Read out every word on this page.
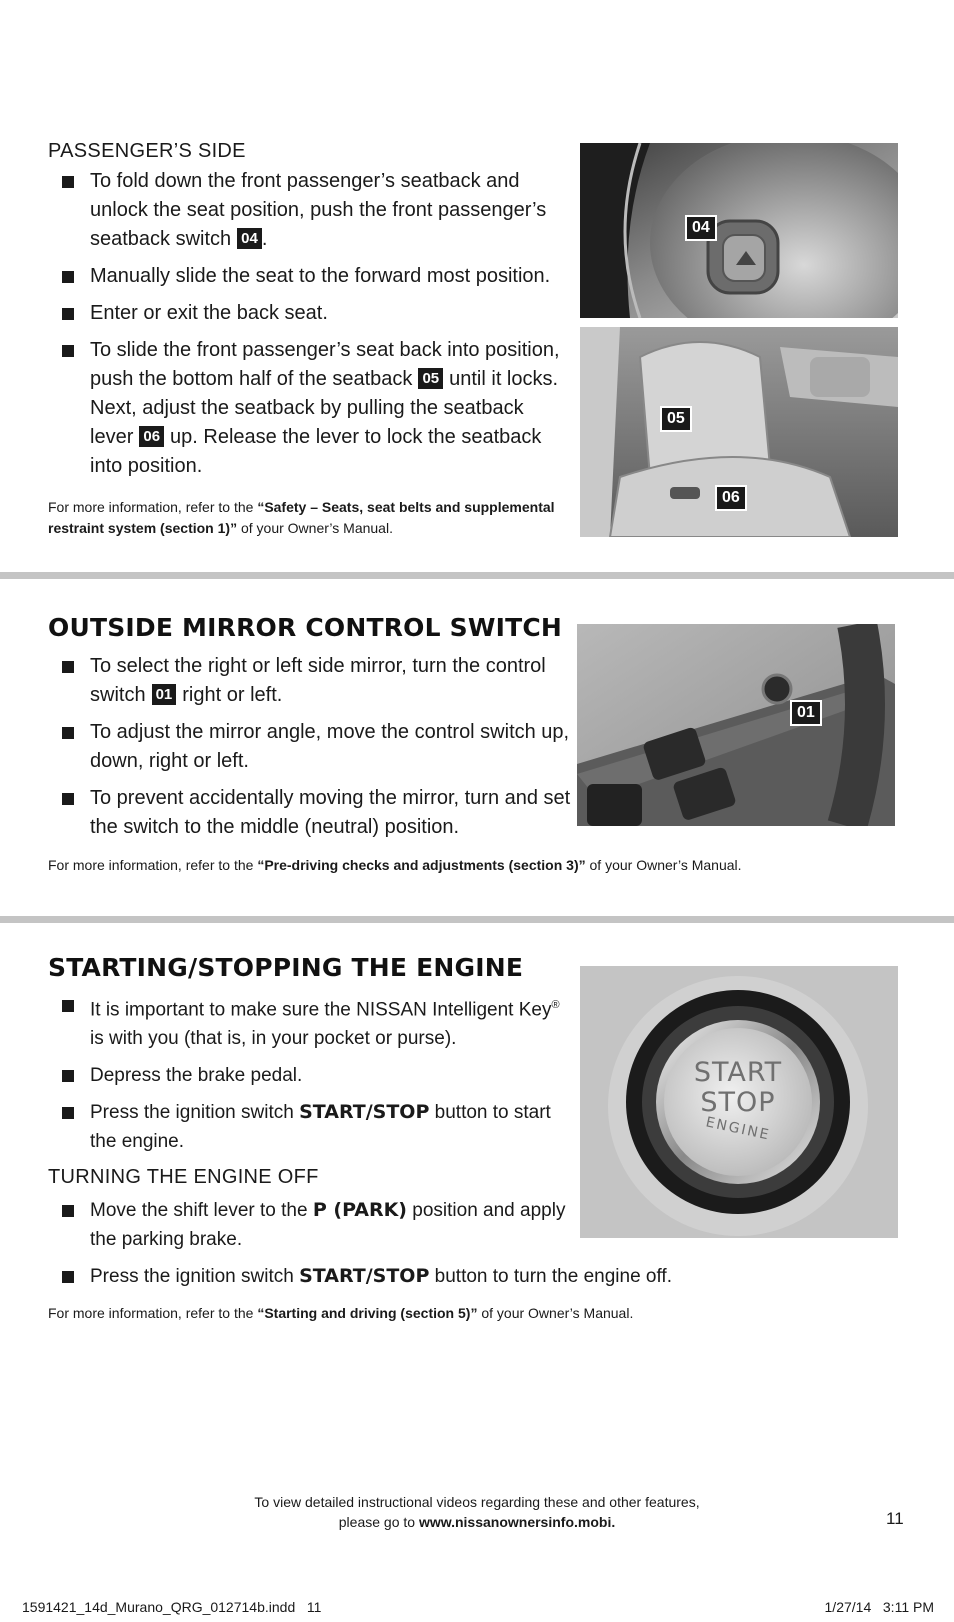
PASSENGER’S SIDE
To fold down the front passenger’s seatback and unlock the seat position, push the front passenger’s seatback switch 04 .
Manually slide the seat to the forward most position.
Enter or exit the back seat.
To slide the front passenger’s seat back into position, push the bottom half of the seatback 05 until it locks. Next, adjust the seatback by pulling the seatback lever 06 up. Release the lever to lock the seatback into position.
For more information, refer to the “Safety – Seats, seat belts and supplemental restraint system (section 1)” of your Owner’s Manual.
04
05
06
OUTSIDE MIRROR CONTROL SWITCH
To select the right or left side mirror, turn the control switch 01 right or left.
To adjust the mirror angle, move the control switch up, down, right or left.
To prevent accidentally moving the mirror, turn and set the switch to the middle (neutral) position.
For more information, refer to the “Pre-driving checks and adjustments (section 3)” of your Owner’s Manual.
01
STARTING/STOPPING THE ENGINE
It is important to make sure the NISSAN Intelligent Key® is with you (that is, in your pocket or purse).
Depress the brake pedal.
Press the ignition switch START/STOP button to start the engine.
TURNING THE ENGINE OFF
Move the shift lever to the P (PARK) position and apply the parking brake.
Press the ignition switch START/STOP button to turn the engine off.
For more information, refer to the “Starting and driving (section 5)” of your Owner’s Manual.
START
STOP
ENGINE
To view detailed instructional videos regarding these and other features,
please go to www.nissanownersinfo.mobi.	11
1591421_14d_Murano_QRG_012714b.indd   11	1/27/14   3:11 PM
